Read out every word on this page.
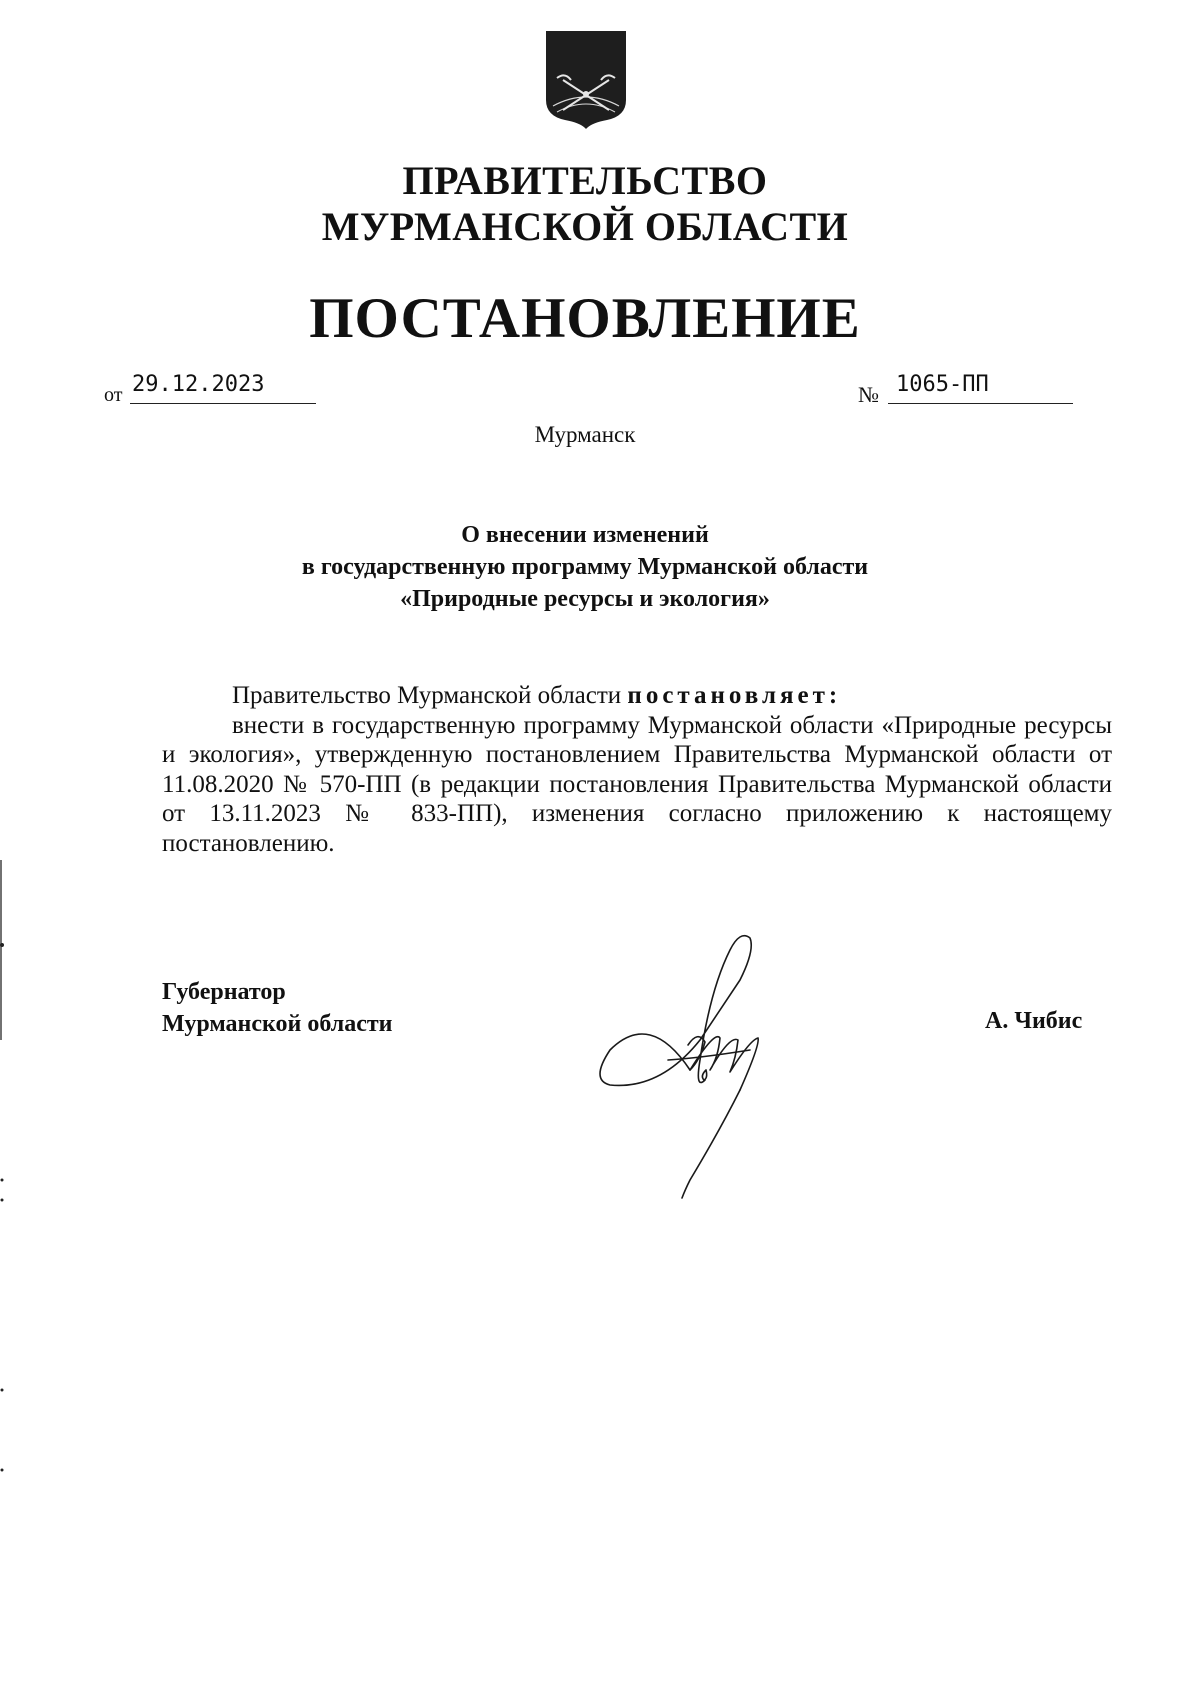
ПРАВИТЕЛЬСТВО
МУРМАНСКОЙ ОБЛАСТИ
ПОСТАНОВЛЕНИЕ
от 29.12.2023	№ 1065-ПП
Мурманск
О внесении изменений
в государственную программу Мурманской области
«Природные ресурсы и экология»

Правительство Мурманской области постановляет:

внести в государственную программу Мурманской области «Природные ресурсы и экология», утвержденную постановлением Правительства Мурманской области от 11.08.2020 № 570-ПП (в редакции постановления Правительства Мурманской области от 13.11.2023 № 833-ПП), изменения согласно приложению к настоящему постановлению.

Губернатор
Мурманской области	А. Чибис
